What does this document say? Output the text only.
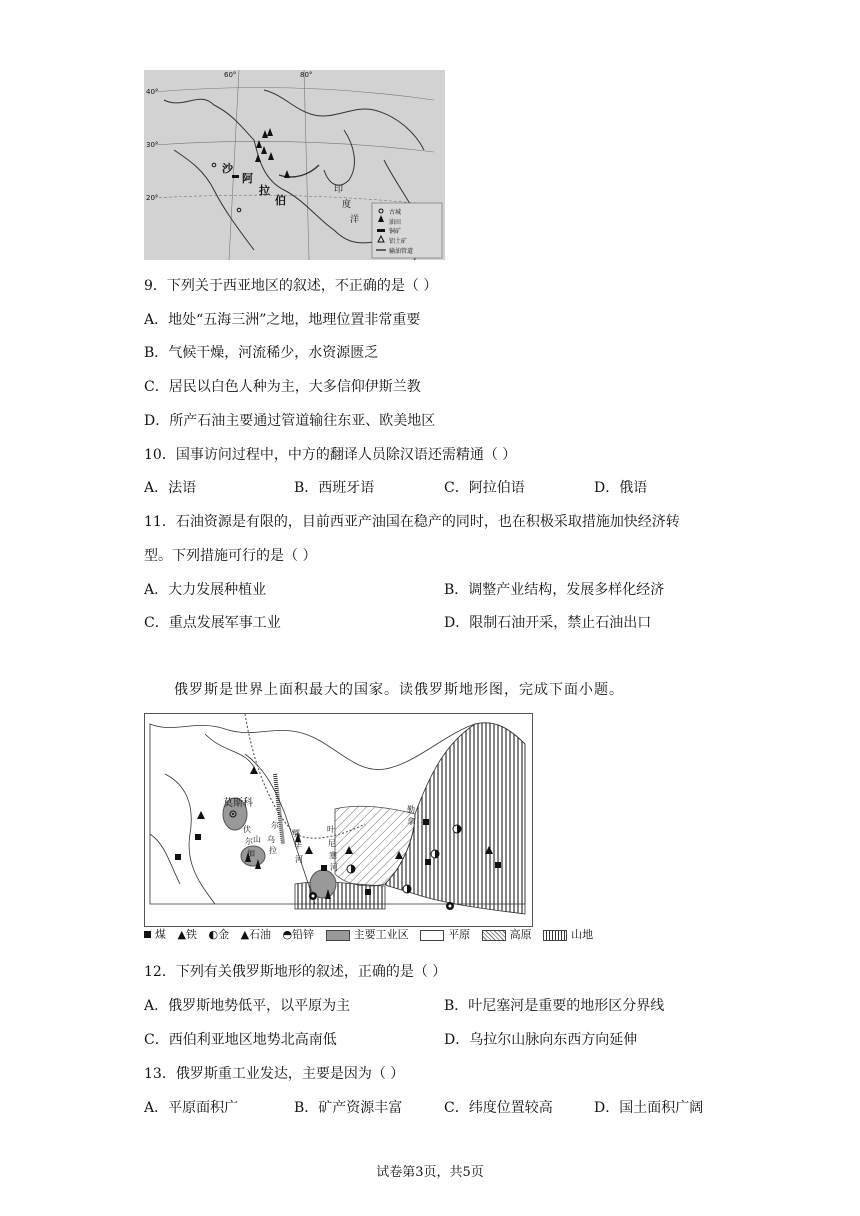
40°
30°
20°
60°	80°
沙
阿
拉
伯
印
度
洋
古城
油田
铜矿
铝土矿
输油管道
9．下列关于西亚地区的叙述，不正确的是（ ）
A．地处“五海三洲”之地，地理位置非常重要
B．气候干燥，河流稀少，水资源匮乏
C．居民以白色人种为主，大多信仰伊斯兰教
D．所产石油主要通过管道输往东亚、欧美地区
10．国事访问过程中，中方的翻译人员除汉语还需精通（ ）
A．法语	B．西班牙语	C．阿拉伯语	D．俄语
11．石油资源是有限的，目前西亚产油国在稳产的同时，也在积极采取措施加快经济转
型。下列措施可行的是（ ）
A．大力发展种植业	B．调整产业结构，发展多样化经济
C．重点发展军事工业	D．限制石油开采，禁止石油出口
俄罗斯是世界上面积最大的国家。读俄罗斯地形图，完成下面小题。
莫斯科
乌
拉
尔
山
鄂
毕
河
叶
尼
塞
河
勒
拿
伏
尔
加
煤 ▲铁 ◐金 ▲石油 ◓铅锌	主要工业区	平原	高原	山地
12．下列有关俄罗斯地形的叙述，正确的是（ ）
A．俄罗斯地势低平，以平原为主	B．叶尼塞河是重要的地形区分界线
C．西伯利亚地区地势北高南低	D．乌拉尔山脉向东西方向延伸
13．俄罗斯重工业发达，主要是因为（ ）
A．平原面积广	B．矿产资源丰富	C．纬度位置较高	D．国土面积广阔
试卷第3页，共5页
